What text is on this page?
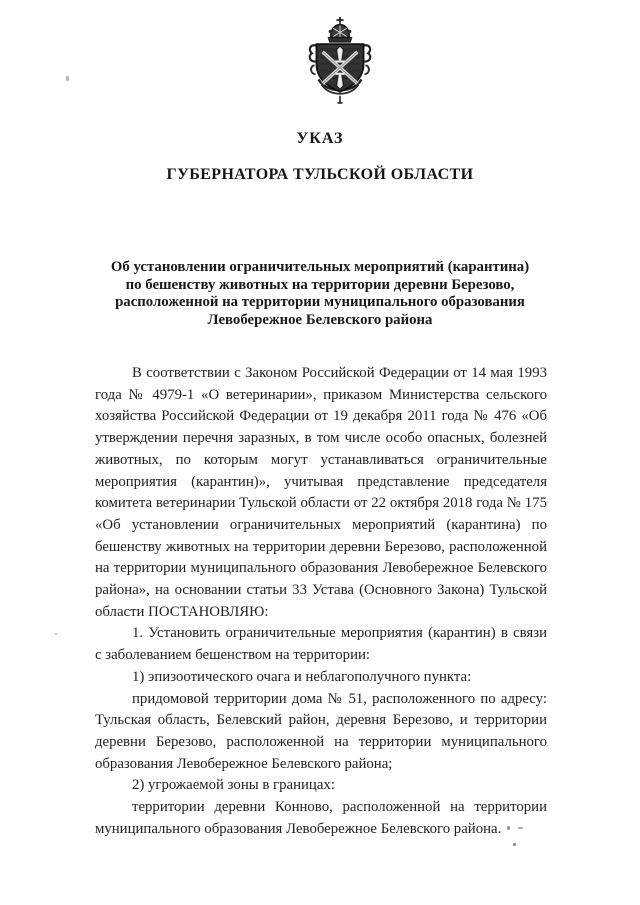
УКАЗ
ГУБЕРНАТОРА ТУЛЬСКОЙ ОБЛАСТИ
Об установлении ограничительных мероприятий (карантина)
по бешенству животных на территории деревни Березово,
расположенной на территории муниципального образования
Левобережное Белевского района

В соответствии с Законом Российской Федерации от 14 мая 1993 года № 4979-1 «О ветеринарии», приказом Министерства сельского хозяйства Российской Федерации от 19 декабря 2011 года № 476 «Об утверждении перечня заразных, в том числе особо опасных, болезней животных, по которым могут устанавливаться ограничительные мероприятия (карантин)», учитывая представление председателя комитета ветеринарии Тульской области от 22 октября 2018 года № 175 «Об установлении ограничительных мероприятий (карантина) по бешенству животных на территории деревни Березово, расположенной на территории муниципального образования Левобережное Белевского района», на основании статьи 33 Устава (Основного Закона) Тульской области ПОСТАНОВЛЯЮ:

1. Установить ограничительные мероприятия (карантин) в связи с заболеванием бешенством на территории:

1) эпизоотического очага и неблагополучного пункта:

придомовой территории дома № 51, расположенного по адресу: Тульская область, Белевский район, деревня Березово, и территории деревни Березово, расположенной на территории муниципального образования Левобережное Белевского района;

2) угрожаемой зоны в границах:

территории деревни Конново, расположенной на территории муниципального образования Левобережное Белевского района.
